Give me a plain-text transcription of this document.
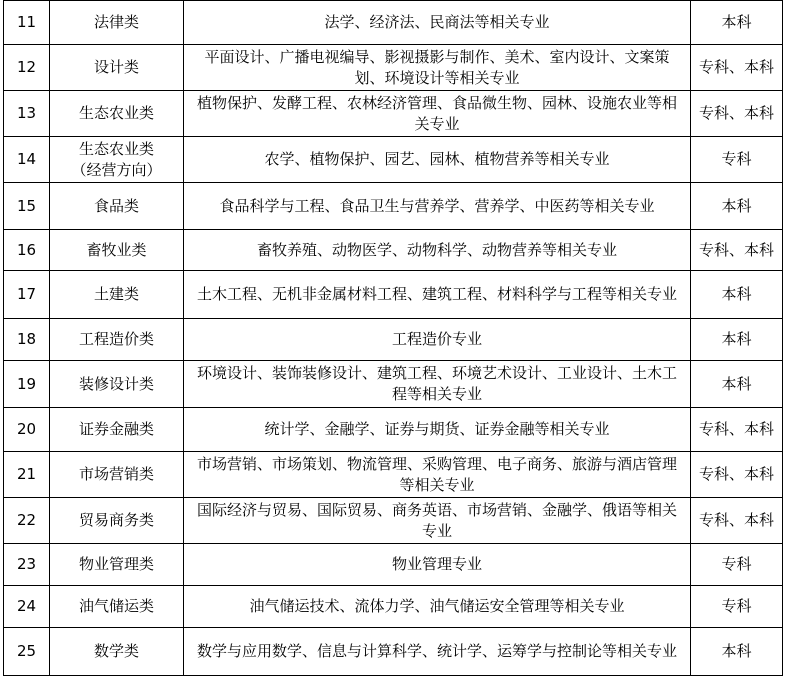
11	法律类	法学、经济法、民商法等相关专业	本科
12	设计类	平面设计、广播电视编导、影视摄影与制作、美术、室内设计、文案策划、环境设计等相关专业	专科、本科
13	生态农业类	植物保护、发酵工程、农林经济管理、食品微生物、园林、设施农业等相关专业	专科、本科
14	生态农业类（经营方向）	农学、植物保护、园艺、园林、植物营养等相关专业	专科
15	食品类	食品科学与工程、食品卫生与营养学、营养学、中医药等相关专业	本科
16	畜牧业类	畜牧养殖、动物医学、动物科学、动物营养等相关专业	专科、本科
17	土建类	土木工程、无机非金属材料工程、建筑工程、材料科学与工程等相关专业	本科
18	工程造价类	工程造价专业	本科
19	装修设计类	环境设计、装饰装修设计、建筑工程、环境艺术设计、工业设计、土木工程等相关专业	本科
20	证券金融类	统计学、金融学、证券与期货、证券金融等相关专业	专科、本科
21	市场营销类	市场营销、市场策划、物流管理、采购管理、电子商务、旅游与酒店管理等相关专业	专科、本科
22	贸易商务类	国际经济与贸易、国际贸易、商务英语、市场营销、金融学、俄语等相关专业	专科、本科
23	物业管理类	物业管理专业	专科
24	油气储运类	油气储运技术、流体力学、油气储运安全管理等相关专业	专科
25	数学类	数学与应用数学、信息与计算科学、统计学、运筹学与控制论等相关专业	本科
